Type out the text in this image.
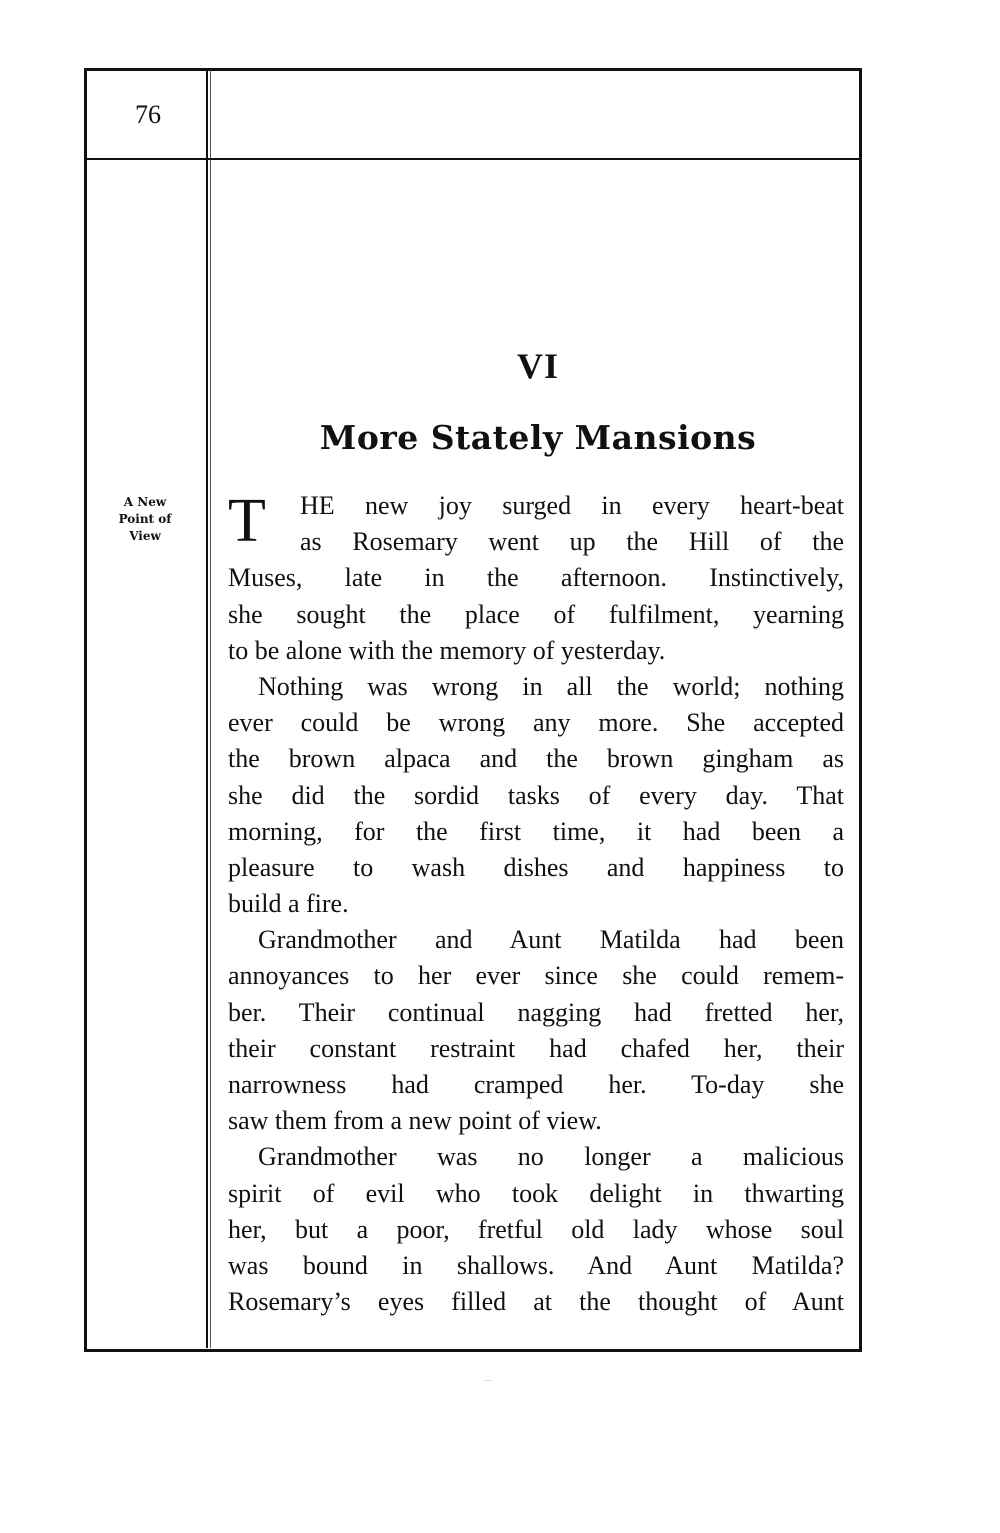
76
A New
Point of
View
VI
More Stately Mansions
T	HE new joy surged in every heart-beat
as Rosemary went up the Hill of the
Muses, late in the afternoon. Instinctively,
she sought the place of fulfilment, yearning
to be alone with the memory of yesterday.
Nothing was wrong in all the world; nothing
ever could be wrong any more. She accepted
the brown alpaca and the brown gingham as
she did the sordid tasks of every day. That
morning, for the first time, it had been a
pleasure to wash dishes and happiness to
build a fire.
Grandmother and Aunt Matilda had been
annoyances to her ever since she could remem-
ber. Their continual nagging had fretted her,
their constant restraint had chafed her, their
narrowness had cramped her. To-day she
saw them from a new point of view.
Grandmother was no longer a malicious
spirit of evil who took delight in thwarting
her, but a poor, fretful old lady whose soul
was bound in shallows. And Aunt Matilda?
Rosemary’s eyes filled at the thought of Aunt
⋯
